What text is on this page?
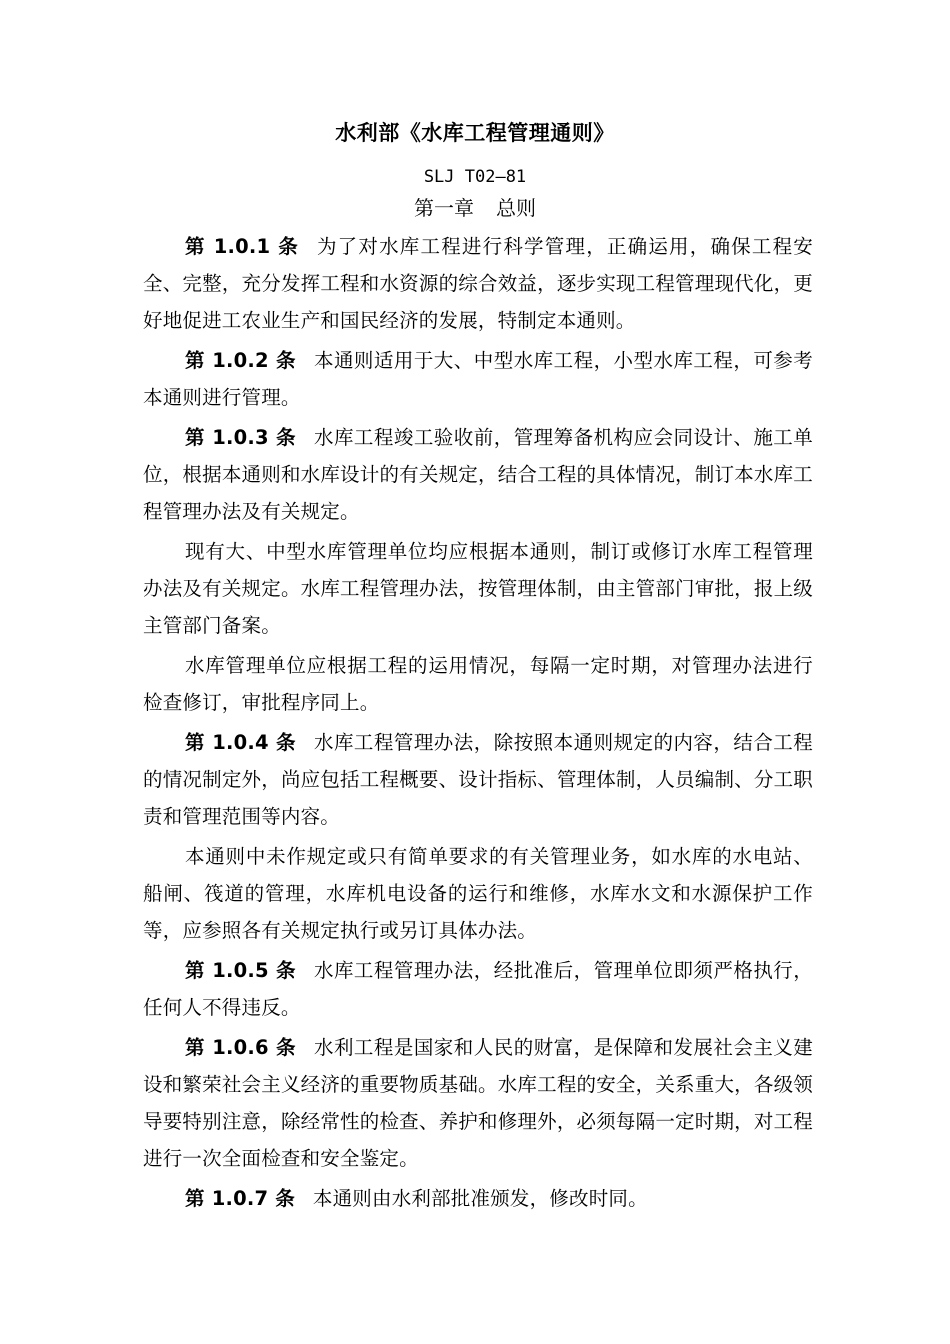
水利部《水库工程管理通则》
SLJ T02—81
第一章 总则

第 1.0.1 条 为了对水库工程进行科学管理，正确运用，确保工程安全、完整，充分发挥工程和水资源的综合效益，逐步实现工程管理现代化，更好地促进工农业生产和国民经济的发展，特制定本通则。

第 1.0.2 条 本通则适用于大、中型水库工程，小型水库工程，可参考本通则进行管理。

第 1.0.3 条 水库工程竣工验收前，管理筹备机构应会同设计、施工单位，根据本通则和水库设计的有关规定，结合工程的具体情况，制订本水库工程管理办法及有关规定。

现有大、中型水库管理单位均应根据本通则，制订或修订水库工程管理办法及有关规定。水库工程管理办法，按管理体制，由主管部门审批，报上级主管部门备案。

水库管理单位应根据工程的运用情况，每隔一定时期，对管理办法进行检查修订，审批程序同上。

第 1.0.4 条 水库工程管理办法，除按照本通则规定的内容，结合工程的情况制定外，尚应包括工程概要、设计指标、管理体制，人员编制、分工职责和管理范围等内容。

本通则中未作规定或只有简单要求的有关管理业务，如水库的水电站、船闸、筏道的管理，水库机电设备的运行和维修，水库水文和水源保护工作等，应参照各有关规定执行或另订具体办法。

第 1.0.5 条 水库工程管理办法，经批准后，管理单位即须严格执行，任何人不得违反。

第 1.0.6 条 水利工程是国家和人民的财富，是保障和发展社会主义建设和繁荣社会主义经济的重要物质基础。水库工程的安全，关系重大，各级领导要特别注意，除经常性的检查、养护和修理外，必须每隔一定时期，对工程进行一次全面检查和安全鉴定。

第 1.0.7 条 本通则由水利部批准颁发，修改时同。
